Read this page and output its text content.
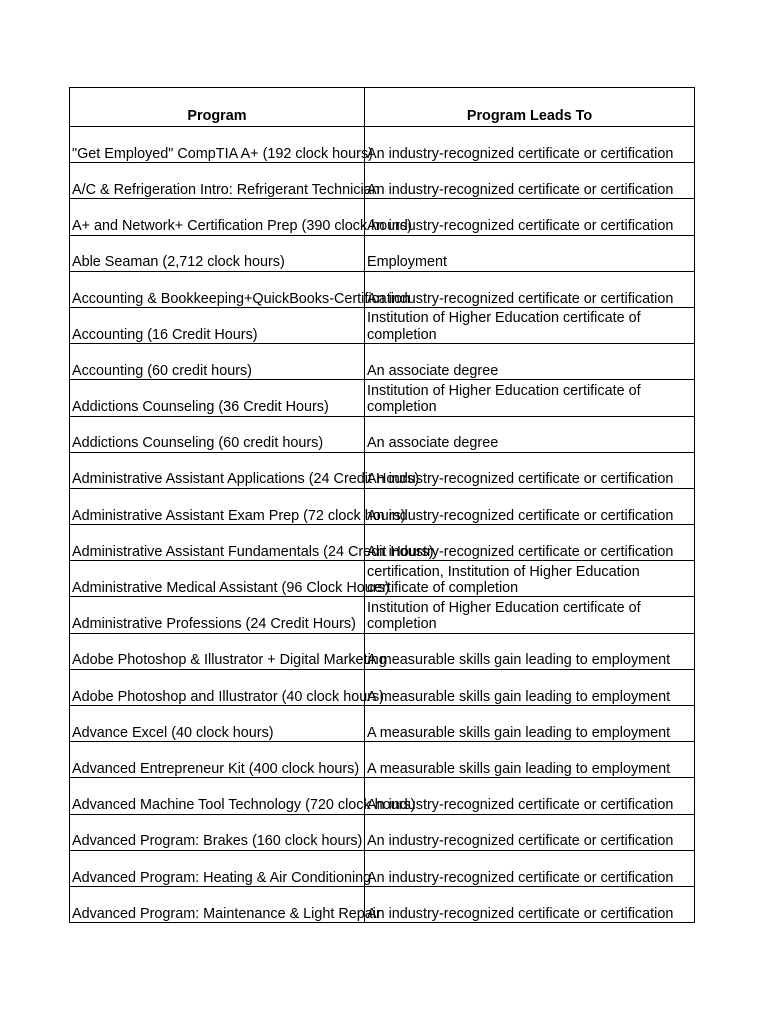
Program	Program Leads To
"Get Employed" CompTIA A+ (192 clock hours)	An industry-recognized certificate or certification
A/C & Refrigeration Intro: Refrigerant Technician	An industry-recognized certificate or certification
A+ and Network+ Certification Prep (390 clock hours)	An industry-recognized certificate or certification
Able Seaman (2,712 clock hours)	Employment
Accounting & Bookkeeping+QuickBooks-Certification	An industry-recognized certificate or certification
Accounting (16 Credit Hours)	Institution of Higher Education certificate of completion
Accounting (60 credit hours)	An associate degree
Addictions Counseling (36 Credit Hours)	Institution of Higher Education certificate of completion
Addictions Counseling (60 credit hours)	An associate degree
Administrative Assistant Applications (24 Credit Hours)	An industry-recognized certificate or certification
Administrative Assistant Exam Prep (72 clock hours)	An industry-recognized certificate or certification
Administrative Assistant Fundamentals (24 Credit Hours)	An industry-recognized certificate or certification
Administrative Medical Assistant (96 Clock Hours)	certification, Institution of Higher Education certificate of completion
Administrative Professions (24 Credit Hours)	Institution of Higher Education certificate of completion
Adobe Photoshop & Illustrator + Digital Marketing	A measurable skills gain leading to employment
Adobe Photoshop and Illustrator (40 clock hours)	A measurable skills gain leading to employment
Advance Excel (40 clock hours)	A measurable skills gain leading to employment
Advanced Entrepreneur Kit (400 clock hours)	A measurable skills gain leading to employment
Advanced Machine Tool Technology (720 clock hours)	An industry-recognized certificate or certification
Advanced Program: Brakes (160 clock hours)	An industry-recognized certificate or certification
Advanced Program: Heating & Air Conditioning	An industry-recognized certificate or certification
Advanced Program: Maintenance & Light Repair	An industry-recognized certificate or certification
